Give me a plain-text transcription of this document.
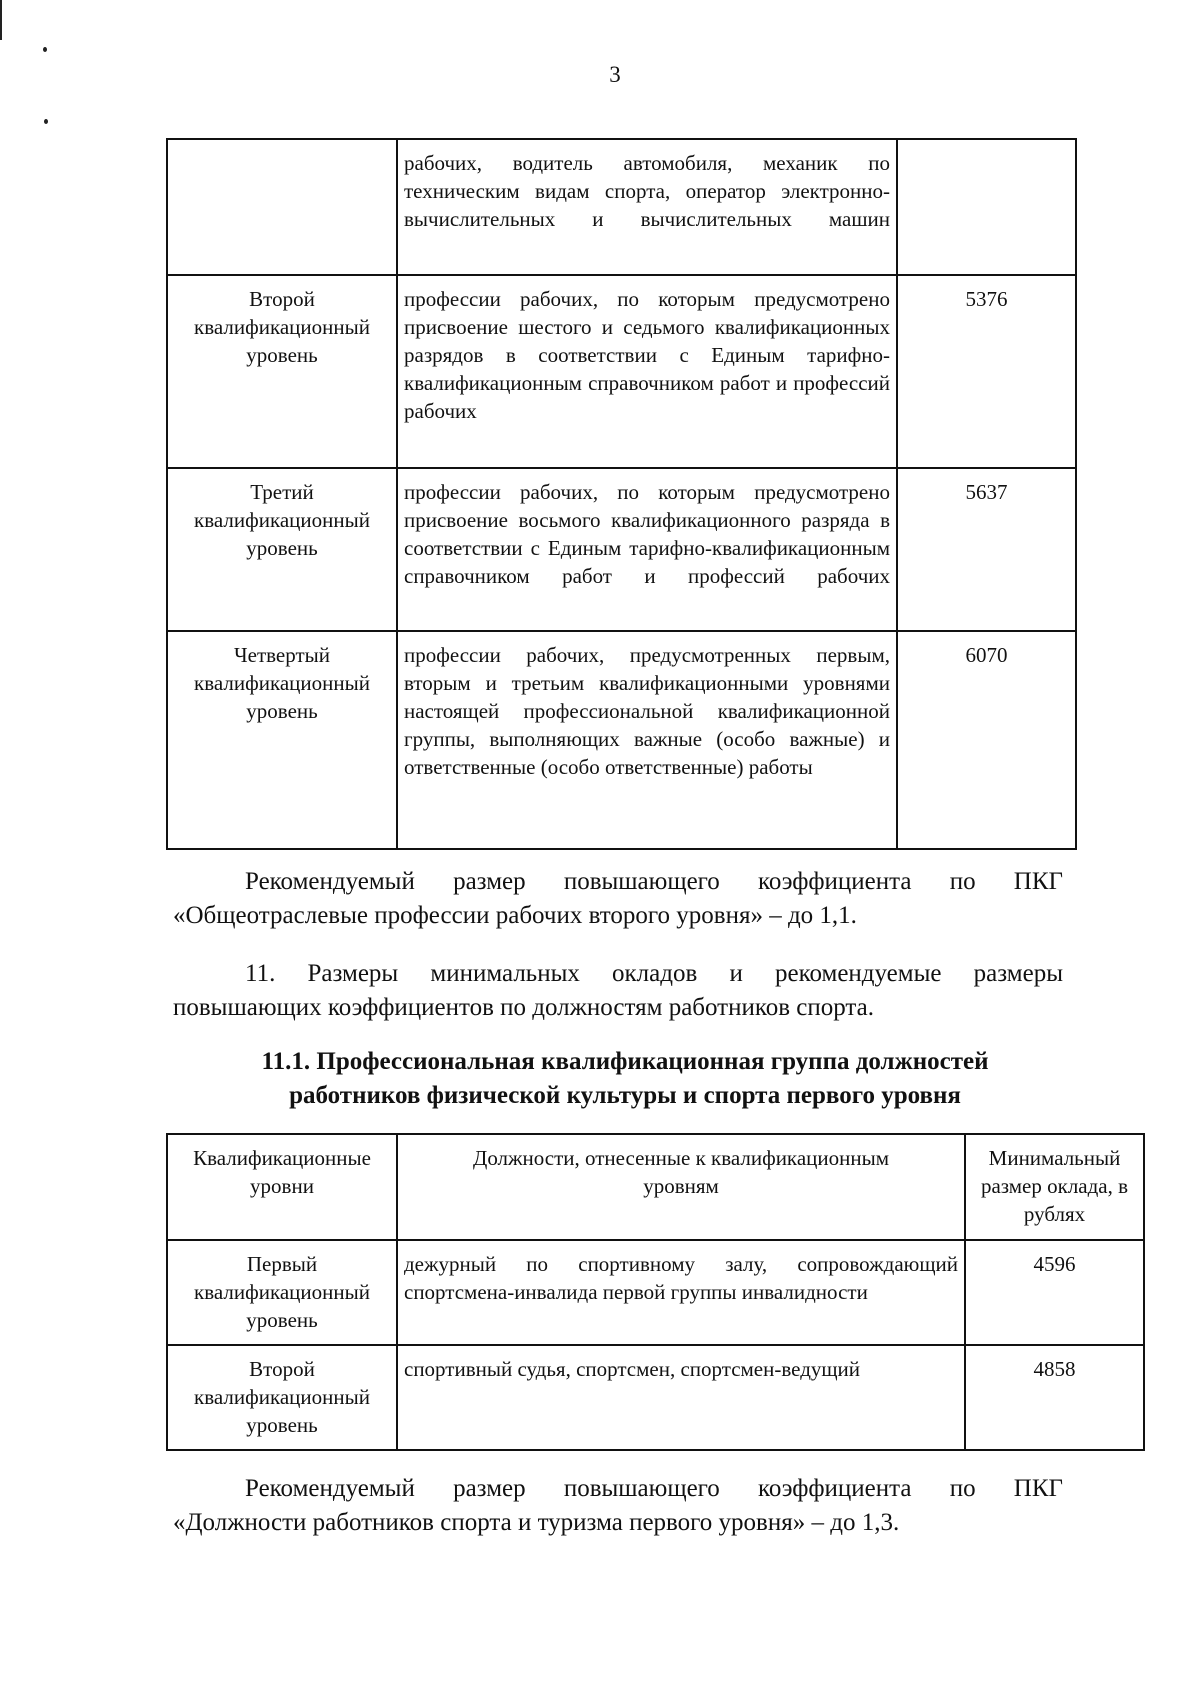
3
	рабочих, водитель автомобиля, механик по техническим видам спорта, оператор электронно-вычислительных и вычислительных машин	
Второй квалификационный уровень	профессии рабочих, по которым предусмотрено присвоение шестого и седьмого квалификационных разрядов в соответствии с Единым тарифно-квалификационным справочником работ и профессий рабочих	5376
Третий квалификационный уровень	профессии рабочих, по которым предусмотрено присвоение восьмого квалификационного разряда в соответствии с Единым тарифно-квалификационным справочником работ и профессий рабочих	5637
Четвертый квалификационный уровень	профессии рабочих, предусмотренных первым, вторым и третьим квалификационными уровнями настоящей профессиональной квалификационной группы, выполняющих важные (особо важные) и ответственные (особо ответственные) работы	6070
Рекомендуемый размер повышающего коэффициента по ПКГ
«Общеотраслевые профессии рабочих второго уровня» – до 1,1.
11. Размеры минимальных окладов и рекомендуемые размеры
повышающих коэффициентов по должностям работников спорта.
11.1. Профессиональная квалификационная группа должностей
работников физической культуры и спорта первого уровня
Квалификационные уровни	Должности, отнесенные к квалификационным уровням	Минимальный размер оклада, в рублях
Первый квалификационный уровень	дежурный по спортивному залу, сопровождающий спортсмена-инвалида первой группы инвалидности	4596
Второй квалификационный уровень	спортивный судья, спортсмен, спортсмен-ведущий	4858
Рекомендуемый размер повышающего коэффициента по ПКГ
«Должности работников спорта и туризма первого уровня» – до 1,3.
